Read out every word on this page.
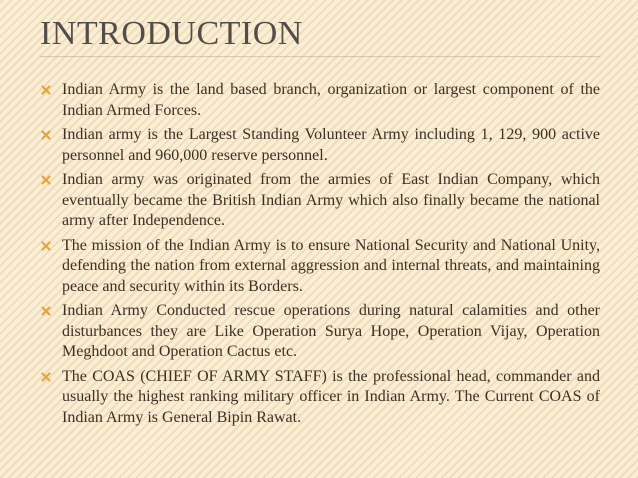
INTRODUCTION
Indian Army is the land based branch, organization or largest component of the Indian Armed Forces.
Indian army is the Largest Standing Volunteer Army including 1, 129, 900 active personnel and 960,000 reserve personnel.
Indian army was originated from the armies of East Indian Company, which eventually became the British Indian Army which also finally became the national army after Independence.
The mission of the Indian Army is to ensure National Security and National Unity, defending the nation from external aggression and internal threats, and maintaining peace and security within its Borders.
Indian Army Conducted rescue operations during natural calamities and other disturbances they are Like Operation Surya Hope, Operation Vijay, Operation Meghdoot and Operation Cactus etc.
The COAS (CHIEF OF ARMY STAFF) is the professional head, commander and usually the highest ranking military officer in Indian Army. The Current COAS of Indian Army is General Bipin Rawat.
